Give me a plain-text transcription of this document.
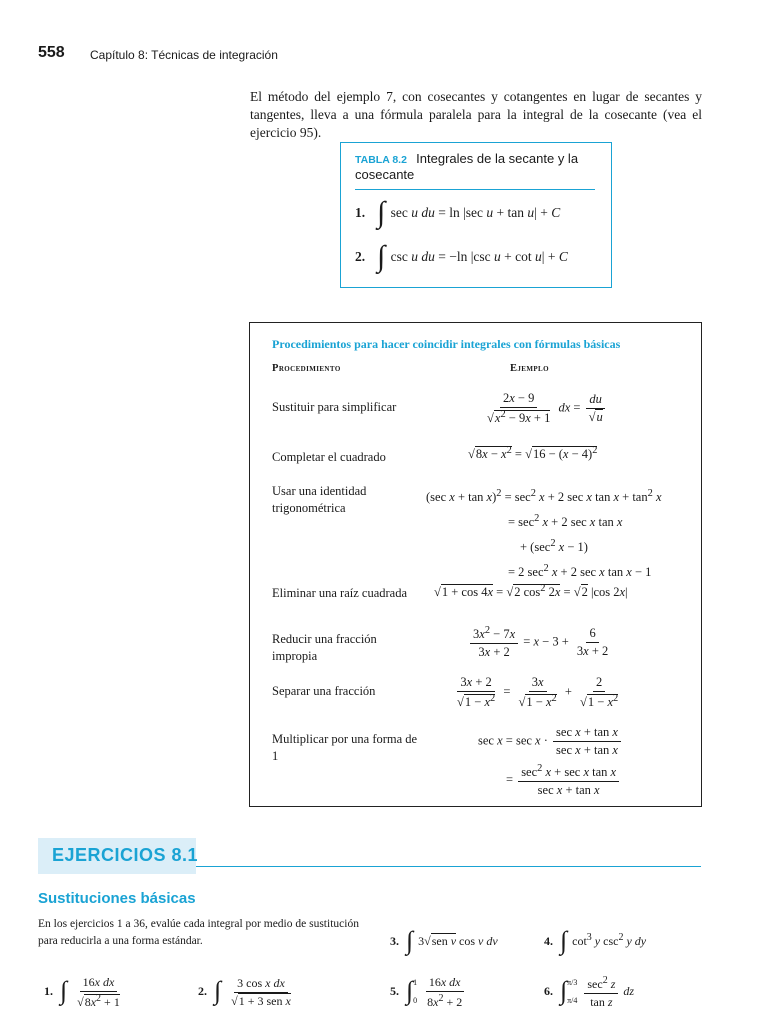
558 Capítulo 8: Técnicas de integración
El método del ejemplo 7, con cosecantes y cotangentes en lugar de secantes y tangentes, lleva a una fórmula paralela para la integral de la cosecante (vea el ejercicio 95).
TABLA 8.2 Integrales de la secante y la cosecante
1. ∫ sec u du = ln |sec u + tan u| + C
2. ∫ csc u du = −ln |csc u + cot u| + C
Procedimientos para hacer coincidir integrales con fórmulas básicas
Procedimiento	Ejemplo
Sustituir para simplificar	$\frac{2x - 9}{√x^2 - 9x + 1}$ dx = $\frac{du}{√u}$
Completar el cuadrado	$√8x - x^2 = √16 - (x - 4)^2$
Usar una identidad trigonométrica
(sec $x + \tan x)^2 = \sec^2 x + 2$ sec x $\tan x + \tan^2 x$
= $\sec^2 x + 2$ sec x tan x
+ ($\sec^2$ x − 1)
= 2 $\sec^2 x + 2$ sec x tan x − 1
Eliminar una raíz cuadrada	√1 + cos 4x = √2 $\cos^2 2x = √2$ |cos 2x|
Reducir una fracción impropia	$\frac{3x^2 - 7x}{3x + 2} = x - 3 + \frac{6}{3x + 2}$
Separar una fracción	$\frac{3x + 2}{√1 - x^2} = \frac{3x}{√1 - x^2} + \frac{2}{√1 - x^2}$
Multiplicar por una forma de 1
$\sec x = \sec x \cdot \frac{\text{sec x + tan x}}{\text{sec x + tan x}}$
= $\frac{\sec^2 x + \sec x \tan x}{\text{sec x + tan x}}$
EJERCICIOS 8.1
Sustituciones básicas
En los ejercicios 1 a 36, evalúe cada integral por medio de sustitución para reducirla a una forma estándar.	3. ∫ 3√sen v cos v dv	4. ∫ $\cot^3 y$ $\csc^2 y$ dy
1. ∫ $\frac{\text{16x dx}}{√8x^2 + 1}$	2. ∫ $\frac{\text{3 cos x dx}}{\text{√1 + 3 sen x}}$	5. ∫ 1
0
$\frac{\text{16x dx}}{8x^2 + 2}$	6. ∫ π/3
π/4
$\frac{\sec^2 z}{\text{tan z}}$ dz
